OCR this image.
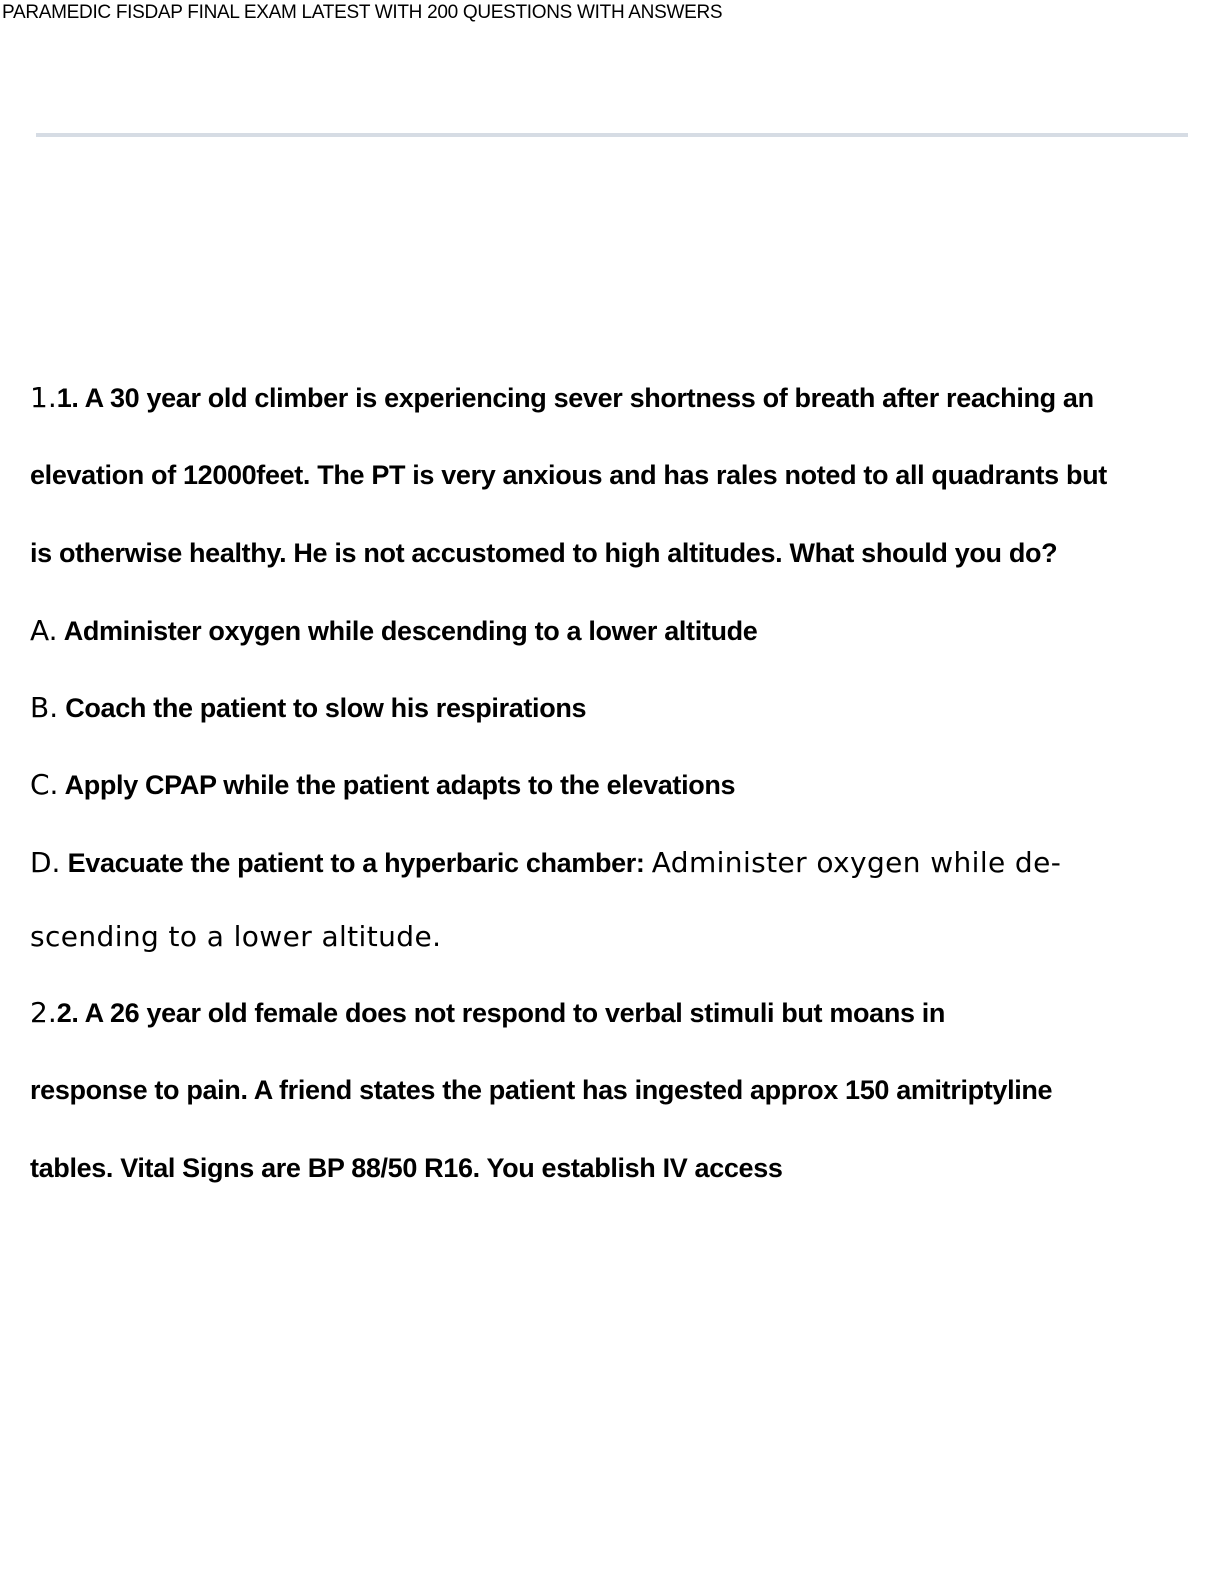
PARAMEDIC FISDAP FINAL EXAM LATEST WITH 200 QUESTIONS WITH ANSWERS
1.1. A 30 year old climber is experiencing sever shortness of breath after reaching an
elevation of 12000feet. The PT is very anxious and has rales noted to all quadrants but
is otherwise healthy. He is not accustomed to high altitudes. What should you do?
A. Administer oxygen while descending to a lower altitude
B. Coach the patient to slow his respirations
C. Apply CPAP while the patient adapts to the elevations
D. Evacuate the patient to a hyperbaric chamber: Administer oxygen while de-
scending to a lower altitude.
2.2. A 26 year old female does not respond to verbal stimuli but moans in
response to pain. A friend states the patient has ingested approx 150 amitriptyline
tables. Vital Signs are BP 88/50 R16. You establish IV access
